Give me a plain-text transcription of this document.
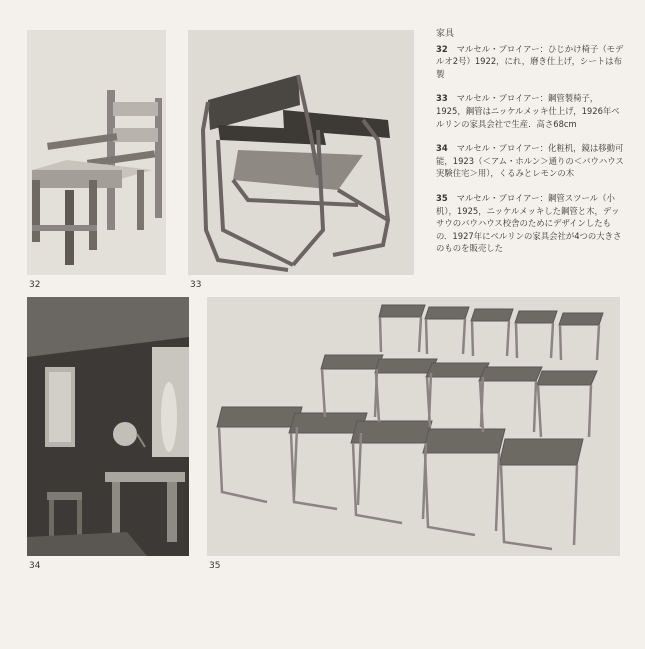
32	33
家具
32 マルセル・ブロイアー：ひじかけ椅子（モデルオ2号）1922，にれ，磨き仕上げ，シートは布製
33 マルセル・ブロイアー：鋼管製椅子，1925，鋼管はニッケルメッキ仕上げ，1926年ベルリンの家具会社で生産．高さ68cm
34 マルセル・ブロイアー：化粧机，鏡は移動可能，1923（＜アム・ホルン＞通りの＜バウハウス実験住宅＞用），くるみとレモンの木
35 マルセル・ブロイアー：鋼管スツール（小机），1925，ニッケルメッキした鋼管と木，デッサウのバウハウス校舎のためにデザインしたもの．1927年にベルリンの家具会社が4つの大きさのものを販売した
34	35
